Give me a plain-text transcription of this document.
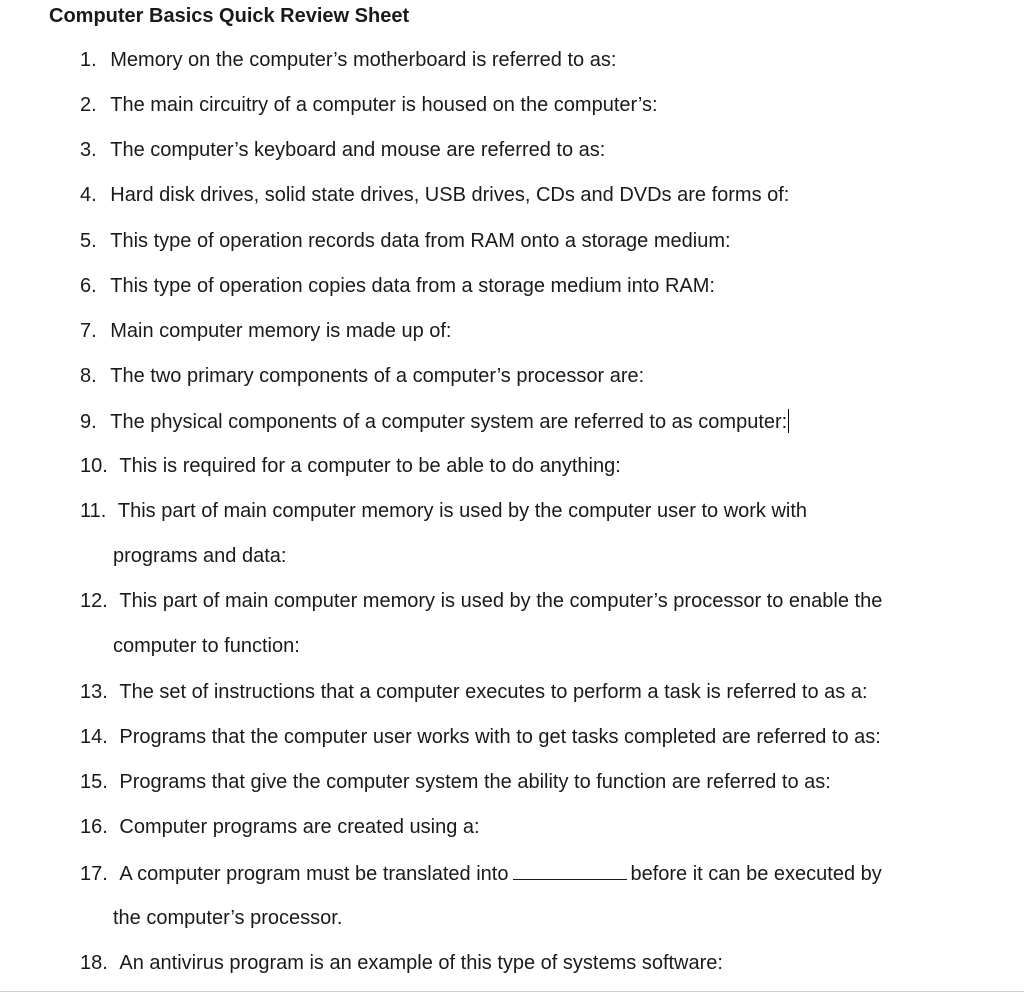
Computer Basics Quick Review Sheet
1. Memory on the computer’s motherboard is referred to as:
2. The main circuitry of a computer is housed on the computer’s:
3. The computer’s keyboard and mouse are referred to as:
4. Hard disk drives, solid state drives, USB drives, CDs and DVDs are forms of:
5. This type of operation records data from RAM onto a storage medium:
6. This type of operation copies data from a storage medium into RAM:
7. Main computer memory is made up of:
8. The two primary components of a computer’s processor are:
9. The physical components of a computer system are referred to as computer:
10. This is required for a computer to be able to do anything:
11. This part of main computer memory is used by the computer user to work with
programs and data:
12. This part of main computer memory is used by the computer’s processor to enable the
computer to function:
13. The set of instructions that a computer executes to perform a task is referred to as a:
14. Programs that the computer user works with to get tasks completed are referred to as:
15. Programs that give the computer system the ability to function are referred to as:
16. Computer programs are created using a:
17. A computer program must be translated into	before it can be executed by
the computer’s processor.
18. An antivirus program is an example of this type of systems software:
